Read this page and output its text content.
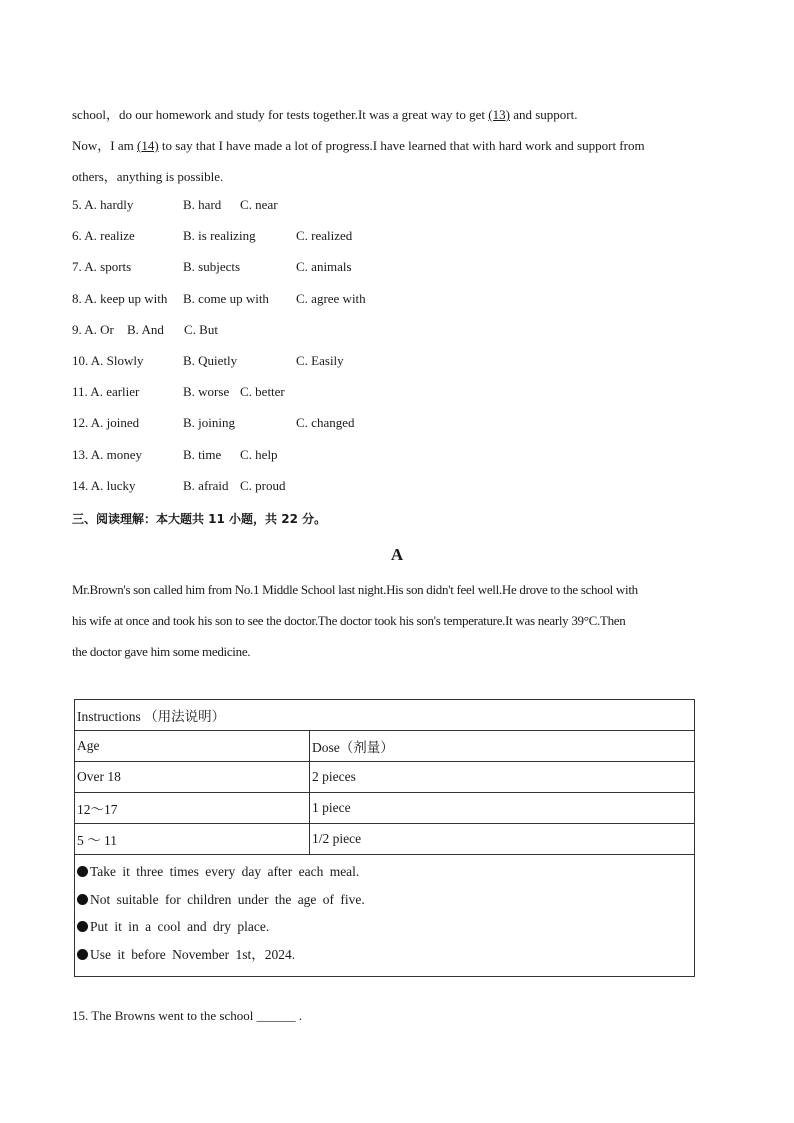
school，do our homework and study for tests together.It was a great way to get (13) and support.
Now，I am (14) to say that I have made a lot of progress.I have learned that with hard work and support from
others，anything is possible.
5. A. hardly	B. hard C. near
6. A. realize	B. is realizing	C. realized
7. A. sports	B. subjects	C. animals
8. A. keep up with B. come up with C. agree with
9. A. Or B. And C. But
10. A. Slowly	B. Quietly	C. Easily
11. A. earlier	B. worse C. better
12. A. joined	B. joining	C. changed
13. A. money	B. time C. help
14. A. lucky	B. afraid C. proud
三、阅读理解：本大题共 11 小题，共 22 分。
A
Mr.Brown's son called him from No.1 Middle School last night.His son didn't feel well.He drove to the school with
his wife at once and took his son to see the doctor.The doctor took his son's temperature.It was nearly 39°C.Then
the doctor gave him some medicine.
Instructions （用法说明）	
Age	Dose（剂量）
Over 18	2 pieces
12～17	1 piece
5 ～ 11	1/2 piece

Take it three times every day after each meal.
Not suitable for children under the age of five.
Put it in a cool and dry place.
Use it before November 1st，2024.	
15. The Browns went to the school ______ .
